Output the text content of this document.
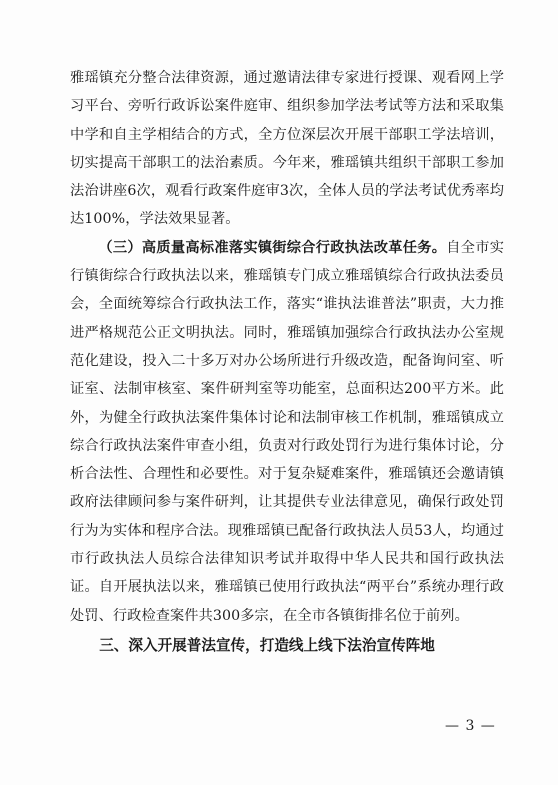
雅瑶镇充分整合法律资源，通过邀请法律专家进行授课、观看网上学习平台、旁听行政诉讼案件庭审、组织参加学法考试等方法和采取集中学和自主学相结合的方式，全方位深层次开展干部职工学法培训，切实提高干部职工的法治素质。今年来，雅瑶镇共组织干部职工参加法治讲座6次，观看行政案件庭审3次，全体人员的学法考试优秀率均达100%，学法效果显著。

（三）高质量高标准落实镇街综合行政执法改革任务。自全市实行镇街综合行政执法以来，雅瑶镇专门成立雅瑶镇综合行政执法委员会，全面统筹综合行政执法工作，落实“谁执法谁普法”职责，大力推进严格规范公正文明执法。同时，雅瑶镇加强综合行政执法办公室规范化建设，投入二十多万对办公场所进行升级改造，配备询问室、听证室、法制审核室、案件研判室等功能室，总面积达200平方米。此外，为健全行政执法案件集体讨论和法制审核工作机制，雅瑶镇成立综合行政执法案件审查小组，负责对行政处罚行为进行集体讨论，分析合法性、合理性和必要性。对于复杂疑难案件，雅瑶镇还会邀请镇政府法律顾问参与案件研判，让其提供专业法律意见，确保行政处罚行为为实体和程序合法。现雅瑶镇已配备行政执法人员53人，均通过市行政执法人员综合法律知识考试并取得中华人民共和国行政执法证。自开展执法以来，雅瑶镇已使用行政执法“两平台”系统办理行政处罚、行政检查案件共300多宗，在全市各镇街排名位于前列。

三、深入开展普法宣传，打造线上线下法治宣传阵地

— 3 —
